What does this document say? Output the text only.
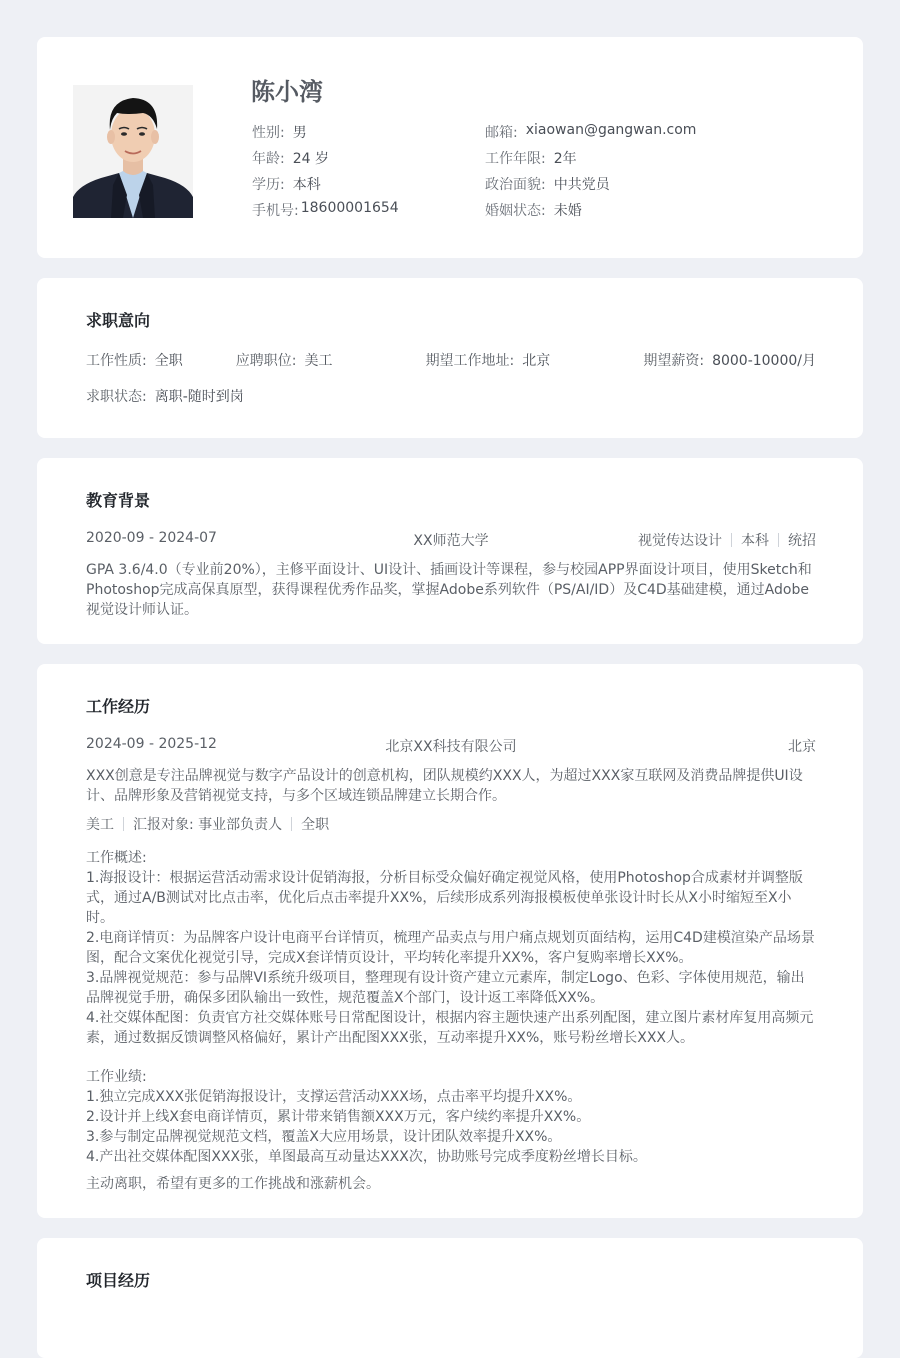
陈小湾
性别: 男	邮箱: xiaowan@gangwan.com
年龄: 24 岁	工作年限: 2年
学历: 本科	政治面貌: 中共党员
手机号: 18600001654	婚姻状态: 未婚
求职意向
工作性质: 全职	应聘职位: 美工	期望工作地址: 北京	期望薪资: 8000-10000/月
求职状态: 离职-随时到岗
教育背景
2020-09 - 2024-07	XX师范大学	视觉传达设计 本科 统招
GPA 3.6/4.0（专业前20%），主修平面设计、UI设计、插画设计等课程，参与校园APP界面设计项目，使用Sketch和Photoshop完成高保真原型，获得课程优秀作品奖，掌握Adobe系列软件（PS/AI/ID）及C4D基础建模，通过Adobe视觉设计师认证。
工作经历
2024-09 - 2025-12	北京XX科技有限公司	北京
XXX创意是专注品牌视觉与数字产品设计的创意机构，团队规模约XXX人，为超过XXX家互联网及消费品牌提供UI设计、品牌形象及营销视觉支持，与多个区域连锁品牌建立长期合作。
美工 汇报对象: 事业部负责人 全职
工作概述:
1.海报设计：根据运营活动需求设计促销海报，分析目标受众偏好确定视觉风格，使用Photoshop合成素材并调整版式，通过A/B测试对比点击率，优化后点击率提升XX%，后续形成系列海报模板使单张设计时长从X小时缩短至X小时。
2.电商详情页：为品牌客户设计电商平台详情页，梳理产品卖点与用户痛点规划页面结构，运用C4D建模渲染产品场景图，配合文案优化视觉引导，完成X套详情页设计，平均转化率提升XX%，客户复购率增长XX%。
3.品牌视觉规范：参与品牌VI系统升级项目，整理现有设计资产建立元素库，制定Logo、色彩、字体使用规范，输出品牌视觉手册，确保多团队输出一致性，规范覆盖X个部门，设计返工率降低XX%。
4.社交媒体配图：负责官方社交媒体账号日常配图设计，根据内容主题快速产出系列配图，建立图片素材库复用高频元素，通过数据反馈调整风格偏好，累计产出配图XXX张，互动率提升XX%，账号粉丝增长XXX人。
工作业绩:
1.独立完成XXX张促销海报设计，支撑运营活动XXX场，点击率平均提升XX%。
2.设计并上线X套电商详情页，累计带来销售额XXX万元，客户续约率提升XX%。
3.参与制定品牌视觉规范文档，覆盖X大应用场景，设计团队效率提升XX%。
4.产出社交媒体配图XXX张，单图最高互动量达XXX次，协助账号完成季度粉丝增长目标。
主动离职，希望有更多的工作挑战和涨薪机会。
项目经历
